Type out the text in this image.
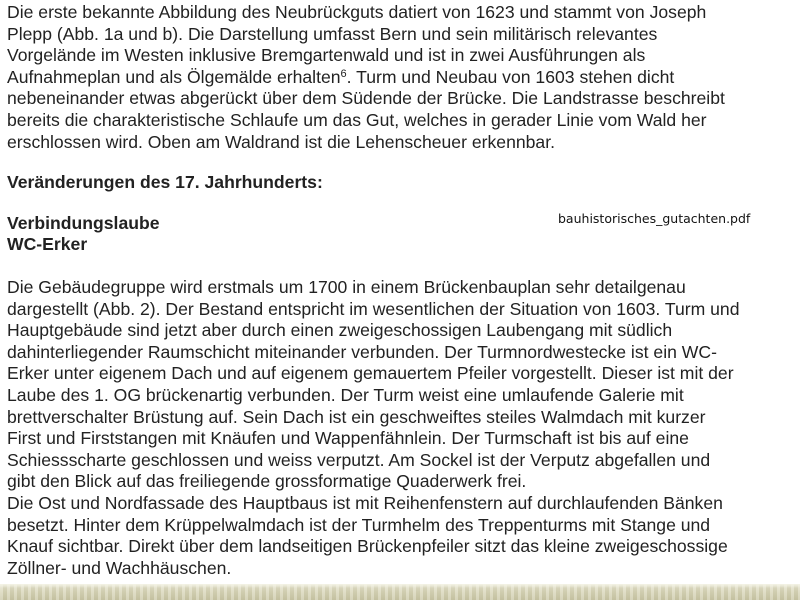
Die erste bekannte Abbildung des Neubrückguts datiert von 1623 und stammt von Joseph
Plepp (Abb. 1a und b). Die Darstellung umfasst Bern und sein militärisch relevantes
Vorgelände im Westen inklusive Bremgartenwald und ist in zwei Ausführungen als
Aufnahmeplan und als Ölgemälde erhalten$^6$. Turm und Neubau von 1603 stehen dicht
nebeneinander etwas abgerückt über dem Südende der Brücke. Die Landstrasse beschreibt
bereits die charakteristische Schlaufe um das Gut, welches in gerader Linie vom Wald her
erschlossen wird. Oben am Waldrand ist die Lehenscheuer erkennbar.

Veränderungen des 17. Jahrhunderts:
Verbindungslaube
WC-Erker
bauhistorisches_gutachten.pdf

Die Gebäudegruppe wird erstmals um 1700 in einem Brückenbauplan sehr detailgenau
dargestellt (Abb. 2). Der Bestand entspricht im wesentlichen der Situation von 1603. Turm und
Hauptgebäude sind jetzt aber durch einen zweigeschossigen Laubengang mit südlich
dahinterliegender Raumschicht miteinander verbunden. Der Turmnordwestecke ist ein WC-
Erker unter eigenem Dach und auf eigenem gemauertem Pfeiler vorgestellt. Dieser ist mit der
Laube des 1. OG brückenartig verbunden. Der Turm weist eine umlaufende Galerie mit
brettverschalter Brüstung auf. Sein Dach ist ein geschweiftes steiles Walmdach mit kurzer
First und Firststangen mit Knäufen und Wappenfähnlein. Der Turmschaft ist bis auf eine
Schiessscharte geschlossen und weiss verputzt. Am Sockel ist der Verputz abgefallen und
gibt den Blick auf das freiliegende grossformatige Quaderwerk frei.
Die Ost und Nordfassade des Hauptbaus ist mit Reihenfenstern auf durchlaufenden Bänken
besetzt. Hinter dem Krüppelwalmdach ist der Turmhelm des Treppenturms mit Stange und
Knauf sichtbar. Direkt über dem landseitigen Brückenpfeiler sitzt das kleine zweigeschossige
Zöllner- und Wachhäuschen.
